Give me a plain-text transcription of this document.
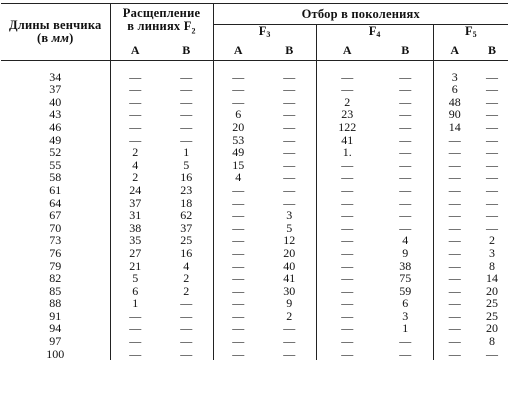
Длины венчика
(в мм)	Расщепление
в линиях $F_2$		Отбор в поколениях					
			$F_3$		$F_4$		$F_5$
	А	B	А	B	А	B	А	B

34	—	—	—	—	—	—	3	—
37	—	—	—	—	—	—	6	—
40	—	—	—	—	2	—	48	—
43	—	—	6	—	23	—	90	—
46	—	—	20	—	122	—	14	—
49	—	—	53	—	41	—	—	—
52	2	1	49	—	1.	—	—	—
55	4	5	15	—	—	—	—	—
58	2	16	4	—	—	—	—	—
61	24	23	—	—	—	—	—	—
64	37	18	—	—	—	—	—	—
67	31	62	—	3	—	—	—	—
70	38	37	—	5	—	—	—	—
73	35	25	—	12	—	4	—	2
76	27	16	—	20	—	9	—	3
79	21	4	—	40	—	38	—	8
82	5	2	—	41	—	75	—	14
85	6	2	—	30	—	59	—	20
88	1	—	—	9	—	6	—	25
91	—	—	—	2	—	3	—	25
94	—	—	—	—	—	1	—	20
97	—	—	—	—	—	—	—	8
100	—	—	—	—	—	—	—	—
